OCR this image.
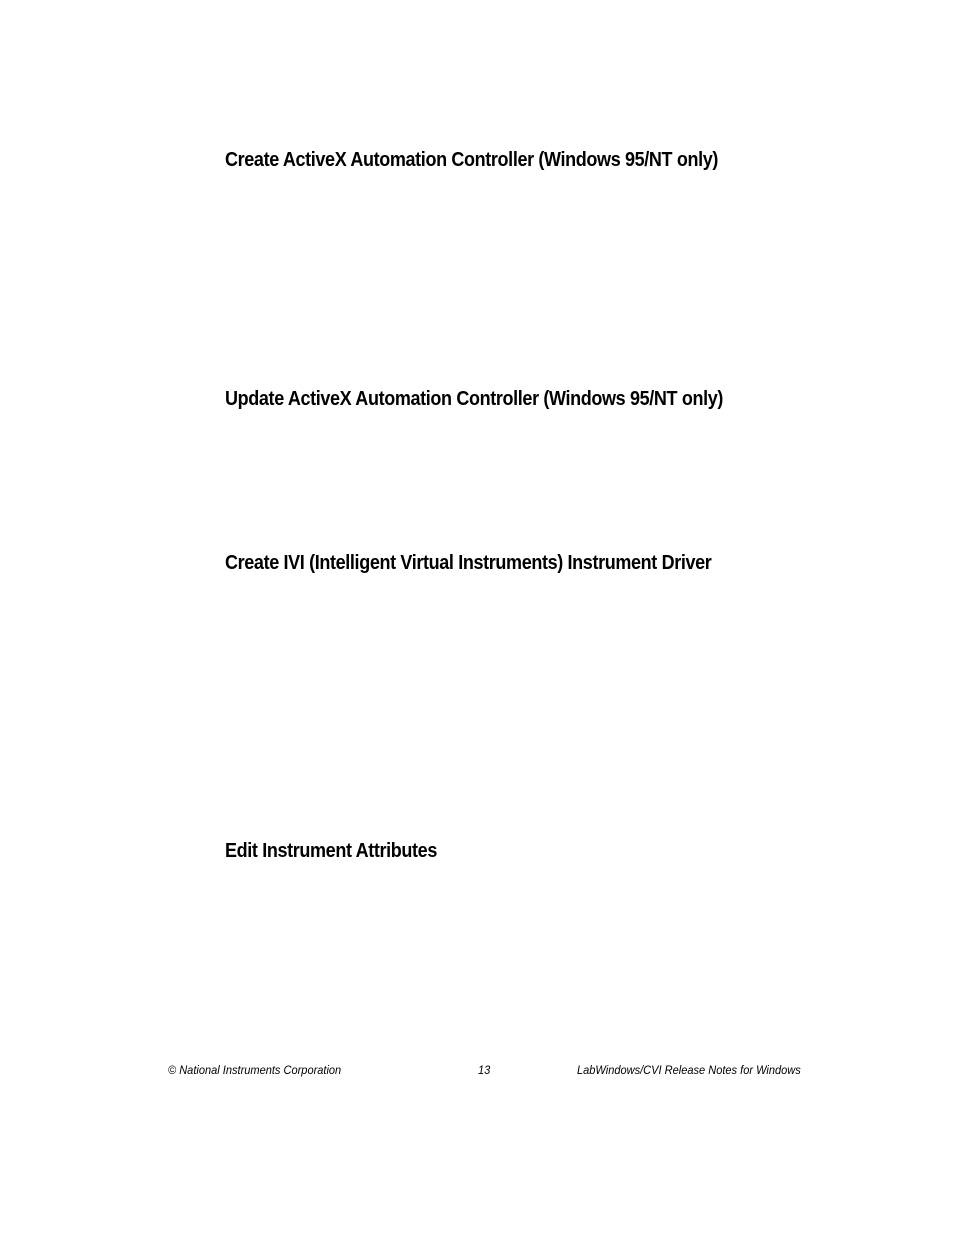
Create ActiveX Automation Controller (Windows 95/NT only)
Update ActiveX Automation Controller (Windows 95/NT only)
Create IVI (Intelligent Virtual Instruments) Instrument Driver
Edit Instrument Attributes
© National Instruments Corporation	13	LabWindows/CVI Release Notes for Windows
